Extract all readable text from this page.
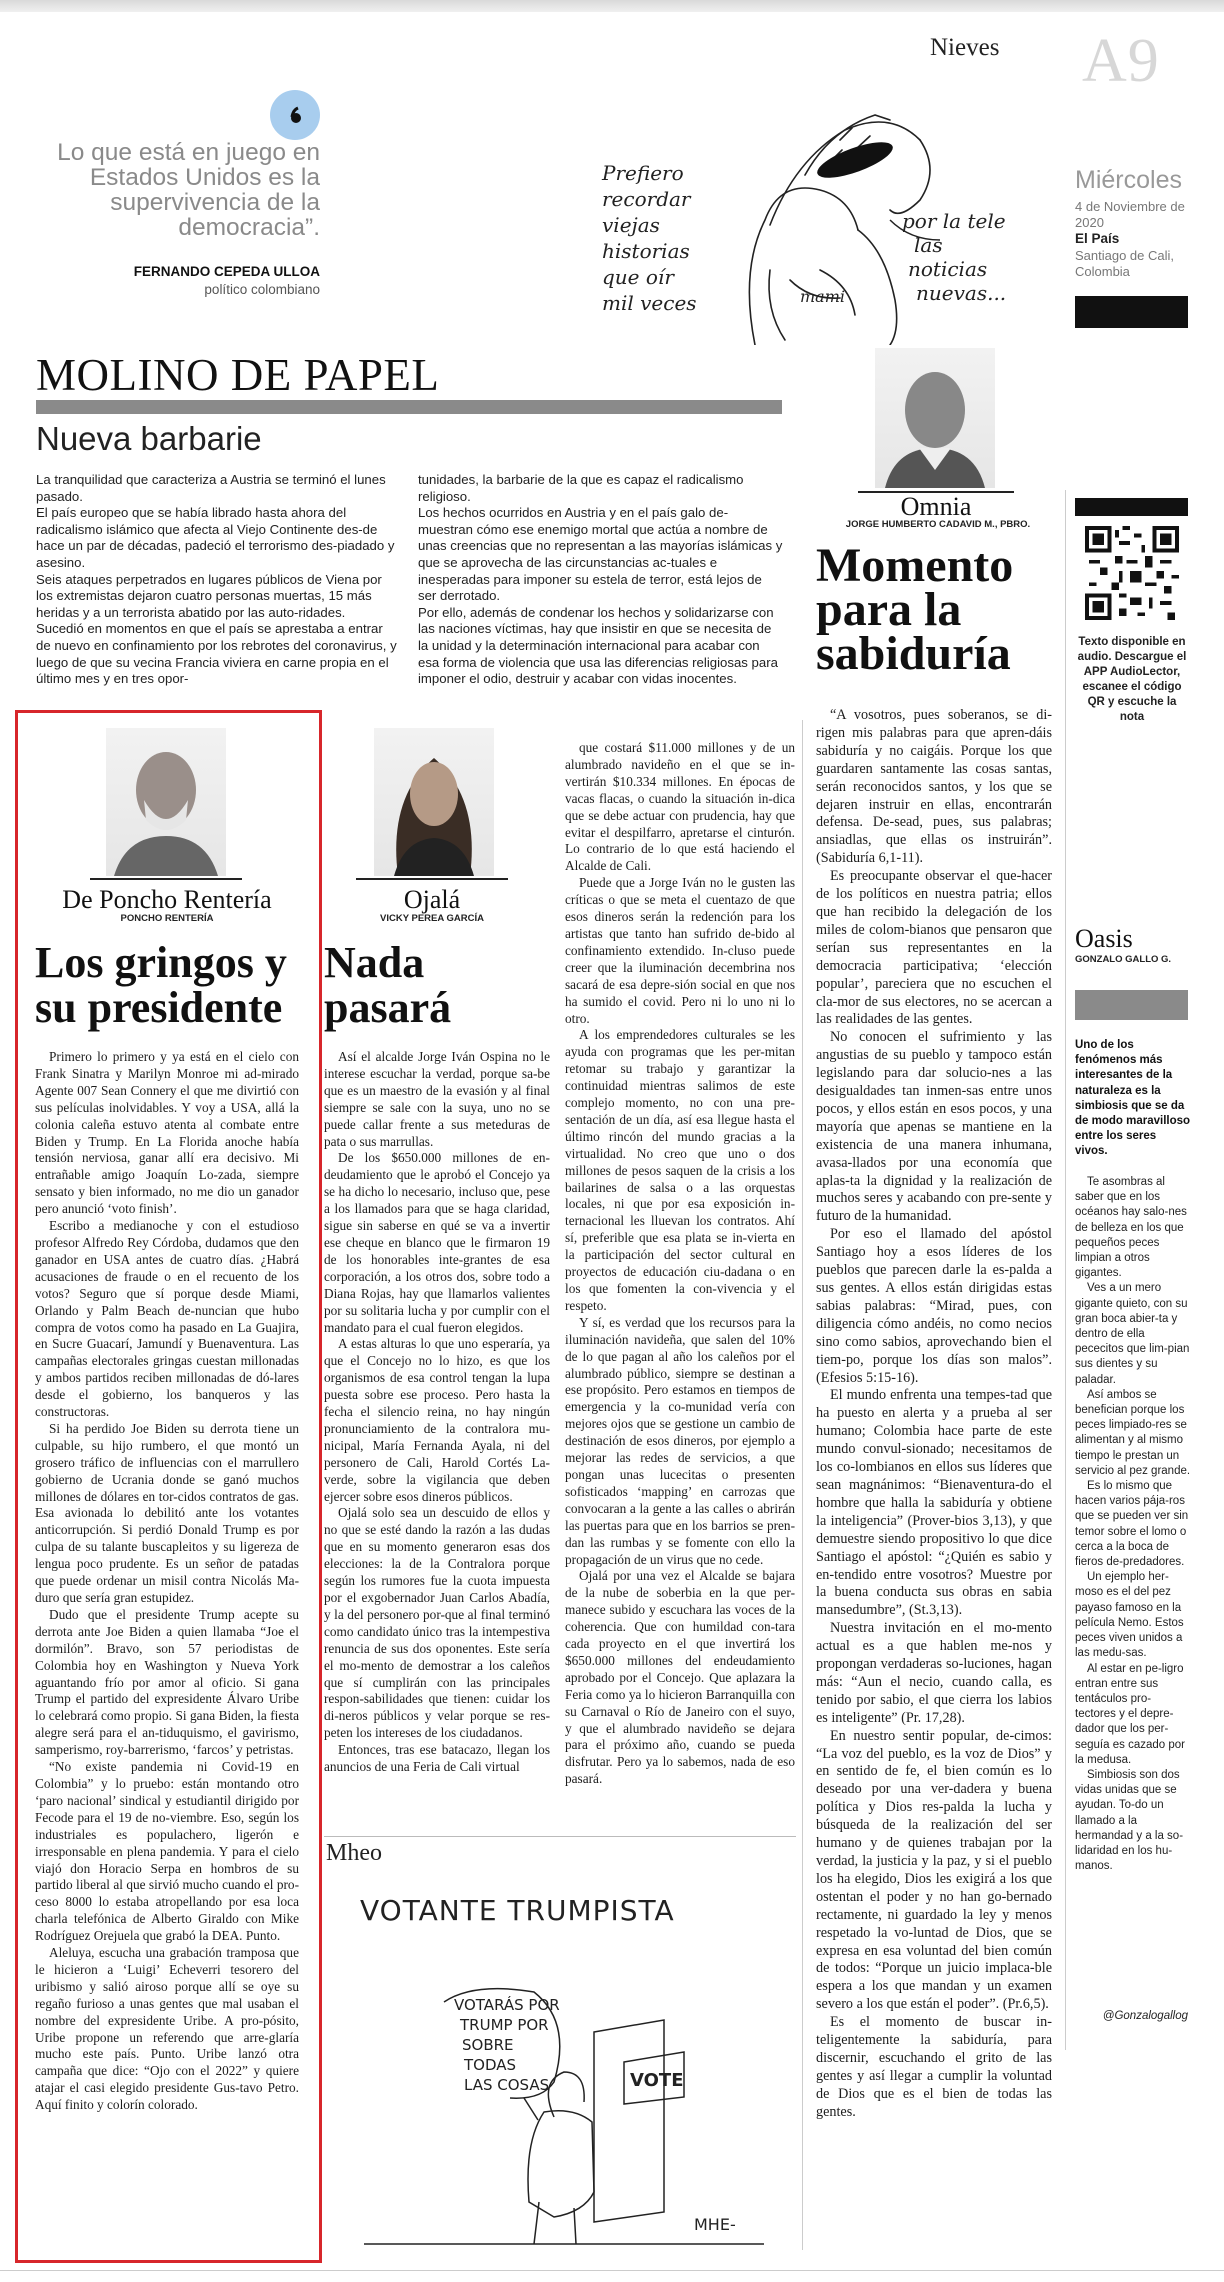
Nieves A9
Miércoles
4 de Noviembre de 2020
El País
Santiago de Cali, Colombia
Lo que está en juego en Estados Unidos es la supervivencia de la democracia”.
FERNANDO CEPEDA ULLOA
político colombiano
Prefiero
recordar
viejas
historias
que oír
mil veces
por la tele
las
noticias
nuevas...
mami
MOLINO DE PAPEL
Nueva barbarie

La tranquilidad que caracteriza a Austria se terminó el lunes pasado.

El país europeo que se había librado hasta ahora del radicalismo islámico que afecta al Viejo Continente des-de hace un par de décadas, padeció el terrorismo des-piadado y asesino.

Seis ataques perpetrados en lugares públicos de Viena por los extremistas dejaron cuatro personas muertas, 15 más heridas y a un terrorista abatido por las auto-ridades.

Sucedió en momentos en que el país se aprestaba a entrar de nuevo en confinamiento por los rebrotes del coronavirus, y luego de que su vecina Francia viviera en carne propia en el último mes y en tres opor-

tunidades, la barbarie de la que es capaz el radicalismo religioso.

Los hechos ocurridos en Austria y en el país galo de-muestran cómo ese enemigo mortal que actúa a nombre de unas creencias que no representan a las mayorías islámicas y que se aprovecha de las circunstancias ac-tuales e inesperadas para imponer su estela de terror, está lejos de ser derrotado.

Por ello, además de condenar los hechos y solidarizarse con las naciones víctimas, hay que insistir en que se necesita de la unidad y la determinación internacional para acabar con esa forma de violencia que usa las diferencias religiosas para imponer el odio, destruir y acabar con vidas inocentes.

Omnia
JORGE HUMBERTO CADAVID M., PBRO.
Momento
para la
sabiduría

“A vosotros, pues soberanos, se di-rigen mis palabras para que apren-dáis sabiduría y no caigáis. Porque los que guardaren santamente las cosas santas, serán reconocidos santos, y los que se dejaren instruir en ellas, encontrarán defensa. De-sead, pues, sus palabras; ansiadlas, que ellas os instruirán”. (Sabiduría 6,1-11).

Es preocupante observar el que-hacer de los políticos en nuestra patria; ellos que han recibido la delegación de los miles de colom-bianos que pensaron que serían sus representantes en la democracia participativa; ‘elección popular’, pareciera que no escuchen el cla-mor de sus electores, no se acercan a las realidades de las gentes.

No conocen el sufrimiento y las angustias de su pueblo y tampoco están legislando para dar solucio-nes a las desigualdades tan inmen-sas entre unos pocos, y ellos están en esos pocos, y una mayoría que apenas se mantiene en la existencia de una manera inhumana, avasa-llados por una economía que aplas-ta la dignidad y la realización de muchos seres y acabando con pre-sente y futuro de la humanidad.

Por eso el llamado del apóstol Santiago hoy a esos líderes de los pueblos que parecen darle la es-palda a sus gentes. A ellos están dirigidas estas sabias palabras: “Mirad, pues, con diligencia cómo andéis, no como necios sino como sabios, aprovechando bien el tiem-po, porque los días son malos”. (Efesios 5:15-16).

El mundo enfrenta una tempes-tad que ha puesto en alerta y a prueba al ser humano; Colombia hace parte de este mundo convul-sionado; necesitamos de los co-lombianos en ellos sus líderes que sean magnánimos: “Bienaventura-do el hombre que halla la sabiduría y obtiene la inteligencia” (Prover-bios 3,13), y que demuestre siendo propositivo lo que dice Santiago el apóstol: “¿Quién es sabio y en-tendido entre vosotros? Muestre por la buena conducta sus obras en sabia mansedumbre”, (St.3,13).

Nuestra invitación en el mo-mento actual es a que hablen me-nos y propongan verdaderas so-luciones, hagan más: “Aun el necio, cuando calla, es tenido por sabio, el que cierra los labios es inteligente” (Pr. 17,28).

En nuestro sentir popular, de-cimos: “La voz del pueblo, es la voz de Dios” y en sentido de fe, el bien común es lo deseado por una ver-dadera y buena política y Dios res-palda la lucha y búsqueda de la realización del ser humano y de quienes trabajan por la verdad, la justicia y la paz, y si el pueblo los ha elegido, Dios les exigirá a los que ostentan el poder y no han go-bernado rectamente, ni guardado la ley y menos respetado la vo-luntad de Dios, que se expresa en esa voluntad del bien común de todos: “Porque un juicio implaca-ble espera a los que mandan y un examen severo a los que están el poder”. (Pr.6,5).

Es el momento de buscar in-teligentemente la sabiduría, para discernir, escuchando el grito de las gentes y así llegar a cumplir la voluntad de Dios que es el bien de todas las gentes.

Texto disponible en
audio. Descargue el
APP AudioLector,
escanee el código
QR y escuche la
nota
Oasis
GONZALO GALLO G.
Uno de los fenómenos más interesantes de la naturaleza es la simbiosis que se da de modo maravilloso entre los seres vivos.

Te asombras al saber que en los océanos hay salo-nes de belleza en los que pequeños peces limpian a otros gigantes.

Ves a un mero gigante quieto, con su gran boca abier-ta y dentro de ella pececitos que lim-pian sus dientes y su paladar.

Así ambos se benefician porque los peces limpiado-res se alimentan y al mismo tiempo le prestan un servicio al pez grande.

Es lo mismo que hacen varios pája-ros que se pueden ver sin temor sobre el lomo o cerca a la boca de fieros de-predadores.

Un ejemplo her-moso es el del pez payaso famoso en la película Nemo. Estos peces viven unidos a las medu-sas.

Al estar en pe-ligro entran entre sus tentáculos pro-tectores y el depre-dador que los per-seguía es cazado por la medusa.

Simbiosis son dos vidas unidas que se ayudan. To-do un llamado a la hermandad y a la so-lidaridad en los hu-manos.

@Gonzalogallog
De Poncho Rentería
PONCHO RENTERÍA
Los gringos y
su presidente

Primero lo primero y ya está en el cielo con Frank Sinatra y Marilyn Monroe mi ad-mirado Agente 007 Sean Connery el que me divirtió con sus películas inolvidables. Y voy a USA, allá la colonia caleña estuvo atenta al combate entre Biden y Trump. En La Florida anoche había tensión nerviosa, ganar allí era decisivo. Mi entrañable amigo Joaquín Lo-zada, siempre sensato y bien informado, no me dio un ganador pero anunció ‘voto finish’.

Escribo a medianoche y con el estudioso profesor Alfredo Rey Córdoba, dudamos que den ganador en USA antes de cuatro días. ¿Habrá acusaciones de fraude o en el recuento de los votos? Seguro que sí porque desde Miami, Orlando y Palm Beach de-nuncian que hubo compra de votos como ha pasado en La Guajira, en Sucre Guacarí, Jamundí y Buenaventura. Las campañas electorales gringas cuestan millonadas y ambos partidos reciben millonadas de dó-lares desde el gobierno, los banqueros y las constructoras.

Si ha perdido Joe Biden su derrota tiene un culpable, su hijo rumbero, el que montó un grosero tráfico de influencias con el marrullero gobierno de Ucrania donde se ganó muchos millones de dólares en tor-cidos contratos de gas. Esa avionada lo debilitó ante los votantes anticorrupción. Si perdió Donald Trump es por culpa de su talante buscapleitos y su ligereza de lengua poco prudente. Es un señor de patadas que puede ordenar un misil contra Nicolás Ma-duro que sería gran estupidez.

Dudo que el presidente Trump acepte su derrota ante Joe Biden a quien llamaba “Joe el dormilón”. Bravo, son 57 periodistas de Colombia hoy en Washington y Nueva York aguantando frío por amor al oficio. Si gana Trump el partido del expresidente Álvaro Uribe lo celebrará como propio. Si gana Biden, la fiesta alegre será para el an-tiduquismo, el gavirismo, samperismo, roy-barrerismo, ‘farcos’ y petristas.

“No existe pandemia ni Covid-19 en Colombia” y lo pruebo: están montando otro ‘paro nacional’ sindical y estudiantil dirigido por Fecode para el 19 de no-viembre. Eso, según los industriales es populachero, ligerón e irresponsable en plena pandemia. Y para el cielo viajó don Horacio Serpa en hombros de su partido liberal al que sirvió mucho cuando el pro-ceso 8000 lo estaba atropellando por esa loca charla telefónica de Alberto Giraldo con Mike Rodríguez Orejuela que grabó la DEA. Punto.

Aleluya, escucha una grabación tramposa que le hicieron a ‘Luigi’ Echeverri tesorero del uribismo y salió airoso porque allí se oye su regaño furioso a unas gentes que mal usaban el nombre del expresidente Uribe. A pro-pósito, Uribe propone un referendo que arre-glaría mucho este país. Punto. Uribe lanzó otra campaña que dice: “Ojo con el 2022” y quiere atajar el casi elegido presidente Gus-tavo Petro. Aquí finito y colorín colorado.

Ojalá
VICKY PEREA GARCÍA
Nada
pasará

Así el alcalde Jorge Iván Ospina no le interese escuchar la verdad, porque sa-be que es un maestro de la evasión y al final siempre se sale con la suya, uno no se puede callar frente a sus meteduras de pata o sus marrullas.

De los $650.000 millones de en-deudamiento que le aprobó el Concejo ya se ha dicho lo necesario, incluso que, pese a los llamados para que se haga claridad, sigue sin saberse en qué se va a invertir ese cheque en blanco que le firmaron 19 de los honorables inte-grantes de esa corporación, a los otros dos, sobre todo a Diana Rojas, hay que llamarlos valientes por su solitaria lucha y por cumplir con el mandato para el cual fueron elegidos.

A estas alturas lo que uno esperaría, ya que el Concejo no lo hizo, es que los organismos de esa control tengan la lupa puesta sobre ese proceso. Pero hasta la fecha el silencio reina, no hay ningún pronunciamiento de la contralora mu-nicipal, María Fernanda Ayala, ni del personero de Cali, Harold Cortés La-verde, sobre la vigilancia que deben ejercer sobre esos dineros públicos.

Ojalá solo sea un descuido de ellos y no que se esté dando la razón a las dudas que en su momento generaron esas dos elecciones: la de la Contralora porque según los rumores fue la cuota impuesta por el exgobernador Juan Carlos Abadía, y la del personero por-que al final terminó como candidato único tras la intempestiva renuncia de sus dos oponentes. Este sería el mo-mento de demostrar a los caleños que sí cumplirán con las principales respon-sabilidades que tienen: cuidar los di-neros públicos y velar porque se res-peten los intereses de los ciudadanos.

Entonces, tras ese batacazo, llegan los anuncios de una Feria de Cali virtual

que costará $11.000 millones y de un alumbrado navideño en el que se in-vertirán $10.334 millones. En épocas de vacas flacas, o cuando la situación in-dica que se debe actuar con prudencia, hay que evitar el despilfarro, apretarse el cinturón. Lo contrario de lo que está haciendo el Alcalde de Cali.

Puede que a Jorge Iván no le gusten las críticas o que se meta el cuentazo de que esos dineros serán la redención para los artistas que tanto han sufrido de-bido al confinamiento extendido. In-cluso puede creer que la iluminación decembrina nos sacará de esa depre-sión social en que nos ha sumido el covid. Pero ni lo uno ni lo otro.

A los emprendedores culturales se les ayuda con programas que les per-mitan retomar su trabajo y garantizar la continuidad mientras salimos de este complejo momento, no con una pre-sentación de un día, así esa llegue hasta el último rincón del mundo gracias a la virtualidad. No creo que uno o dos millones de pesos saquen de la crisis a los bailarines de salsa o a las orquestas locales, ni que por esa exposición in-ternacional les lluevan los contratos. Ahí sí, preferible que esa plata se in-vierta en la participación del sector cultural en proyectos de educación ciu-dadana o en los que fomenten la con-vivencia y el respeto.

Y sí, es verdad que los recursos para la iluminación navideña, que salen del 10% de lo que pagan al año los caleños por el alumbrado público, siempre se destinan a ese propósito. Pero estamos en tiempos de emergencia y la co-munidad vería con mejores ojos que se gestione un cambio de destinación de esos dineros, por ejemplo a mejorar las redes de servicios, a que pongan unas lucecitas o presenten sofisticados ‘mapping’ en carrozas que convocaran a la gente a las calles o abrirán las puertas para que en los barrios se pren-dan las rumbas y se fomente con ello la propagación de un virus que no cede.

Ojalá por una vez el Alcalde se bajara de la nube de soberbia en la que per-manece subido y escuchara las voces de la coherencia. Que con humildad con-tara cada proyecto en el que invertirá los $650.000 millones del endeudamiento aprobado por el Concejo. Que aplazara la Feria como ya lo hicieron Barranquilla con su Carnaval o Río de Janeiro con el suyo, y que el alumbrado navideño se dejara para el próximo año, cuando se pueda disfrutar. Pero ya lo sabemos, nada de eso pasará.

Mheo
VOTANTE TRUMPISTA
VOTARÁS POR
TRUMP POR
SOBRE
TODAS
LAS COSAS	VOTE
MHE-
